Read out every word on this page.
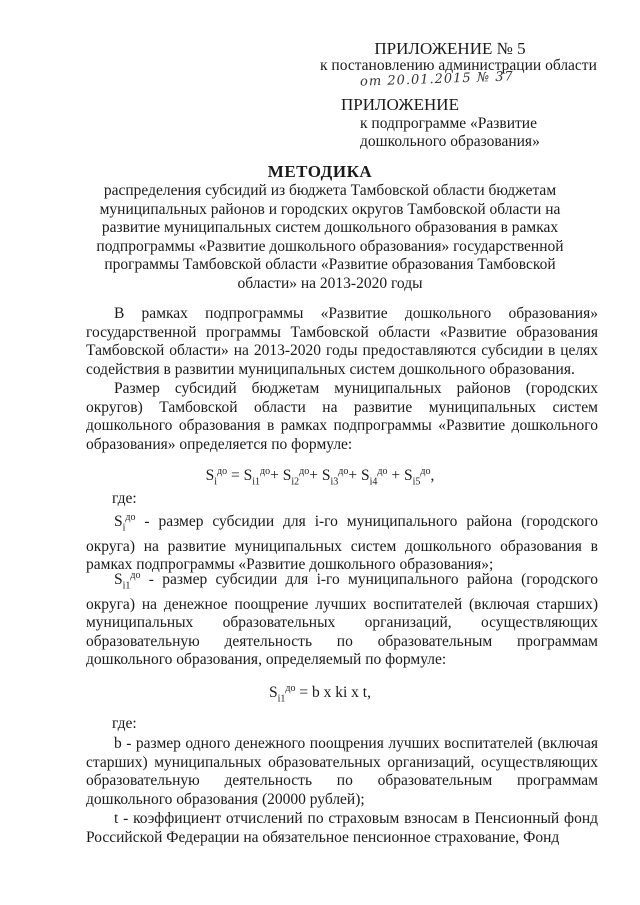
ПРИЛОЖЕНИЕ № 5
к постановлению администрации области
от 20.01.2015 № 37
ПРИЛОЖЕНИЕ
к подпрограмме «Развитие
дошкольного образования»
МЕТОДИКА
распределения субсидий из бюджета Тамбовской области бюджетам муниципальных районов и городских округов Тамбовской области на развитие муниципальных систем дошкольного образования в рамках подпрограммы «Развитие дошкольного образования» государственной программы Тамбовской области «Развитие образования Тамбовской области» на 2013-2020 годы
В рамках подпрограммы «Развитие дошкольного образования» государственной программы Тамбовской области «Развитие образования Тамбовской области» на 2013-2020 годы предоставляются субсидии в целях содействия в развитии муниципальных систем дошкольного образования.
Размер субсидий бюджетам муниципальных районов (городских округов) Тамбовской области на развитие муниципальных систем дошкольного образования в рамках подпрограммы «Развитие дошкольного образования» определяется по формуле:
$S_i^{до} = S_{i1}^{до}+ S_{i2}^{до}+ S_{i3}^{до}+ S_{i4}^{до} + S_{i5}^{до}$,
где:
$S_i^{до}$ - размер субсидии для i-го муниципального района (городского округа) на развитие муниципальных систем дошкольного образования в рамках подпрограммы «Развитие дошкольного образования»;
$S_{i1}^{до}$ - размер субсидии для i-го муниципального района (городского округа) на денежное поощрение лучших воспитателей (включая старших) муниципальных образовательных организаций, осуществляющих образовательную деятельность по образовательным программам дошкольного образования, определяемый по формуле:
$S_{i1}^{до} = b$ x ki x t,
где:
b - размер одного денежного поощрения лучших воспитателей (включая старших) муниципальных образовательных организаций, осуществляющих образовательную деятельность по образовательным программам дошкольного образования (20000 рублей);
t - коэффициент отчислений по страховым взносам в Пенсионный фонд Российской Федерации на обязательное пенсионное страхование, Фонд
